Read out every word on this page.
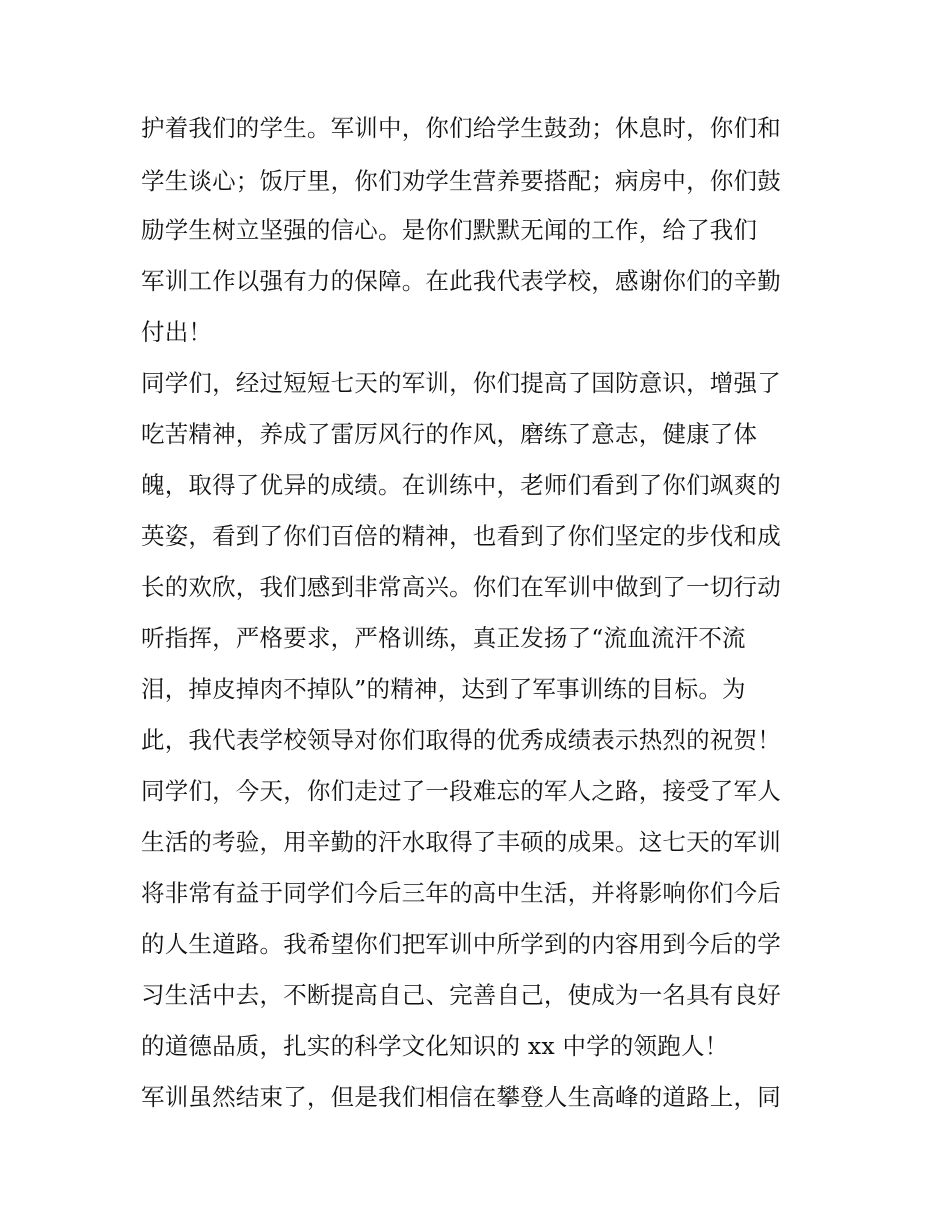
护着我们的学生。军训中，你们给学生鼓劲；休息时，你们和
学生谈心；饭厅里，你们劝学生营养要搭配；病房中，你们鼓
励学生树立坚强的信心。是你们默默无闻的工作，给了我们
军训工作以强有力的保障。在此我代表学校，感谢你们的辛勤
付出！
同学们，经过短短七天的军训，你们提高了国防意识，增强了
吃苦精神，养成了雷厉风行的作风，磨练了意志，健康了体
魄，取得了优异的成绩。在训练中，老师们看到了你们飒爽的
英姿，看到了你们百倍的精神，也看到了你们坚定的步伐和成
长的欢欣，我们感到非常高兴。你们在军训中做到了一切行动
听指挥，严格要求，严格训练，真正发扬了“流血流汗不流
泪，掉皮掉肉不掉队”的精神，达到了军事训练的目标。为
此，我代表学校领导对你们取得的优秀成绩表示热烈的祝贺！
同学们，今天，你们走过了一段难忘的军人之路，接受了军人
生活的考验，用辛勤的汗水取得了丰硕的成果。这七天的军训
将非常有益于同学们今后三年的高中生活，并将影响你们今后
的人生道路。我希望你们把军训中所学到的内容用到今后的学
习生活中去，不断提高自己、完善自己，使成为一名具有良好
的道德品质，扎实的科学文化知识的 xx 中学的领跑人！
军训虽然结束了，但是我们相信在攀登人生高峰的道路上，同
